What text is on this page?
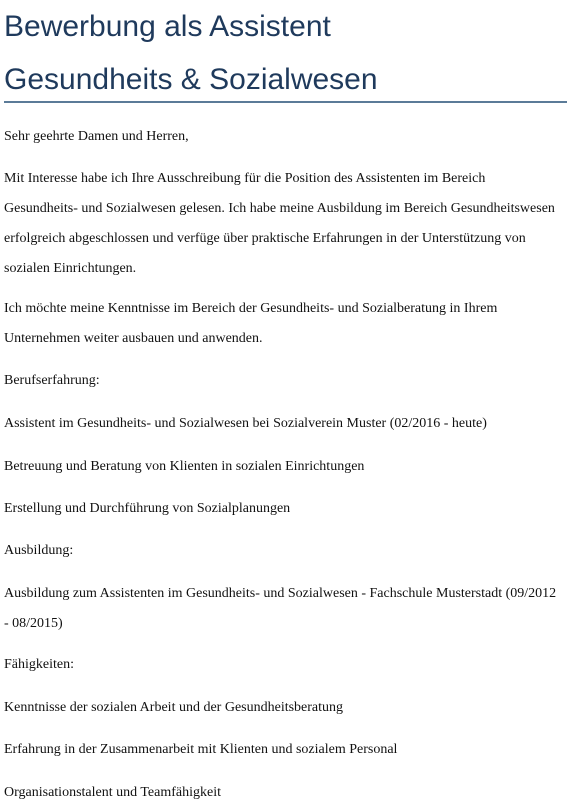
Bewerbung als Assistent
Gesundheits & Sozialwesen

Sehr geehrte Damen und Herren,

Mit Interesse habe ich Ihre Ausschreibung für die Position des Assistenten im Bereich Gesundheits- und Sozialwesen gelesen. Ich habe meine Ausbildung im Bereich Gesundheitswesen erfolgreich abgeschlossen und verfüge über praktische Erfahrungen in der Unterstützung von sozialen Einrichtungen.

Ich möchte meine Kenntnisse im Bereich der Gesundheits- und Sozialberatung in Ihrem Unternehmen weiter ausbauen und anwenden.

Berufserfahrung:

Assistent im Gesundheits- und Sozialwesen bei Sozialverein Muster (02/2016 - heute)

Betreuung und Beratung von Klienten in sozialen Einrichtungen

Erstellung und Durchführung von Sozialplanungen

Ausbildung:

Ausbildung zum Assistenten im Gesundheits- und Sozialwesen - Fachschule Musterstadt (09/2012 - 08/2015)

Fähigkeiten:

Kenntnisse der sozialen Arbeit und der Gesundheitsberatung

Erfahrung in der Zusammenarbeit mit Klienten und sozialem Personal

Organisationstalent und Teamfähigkeit
